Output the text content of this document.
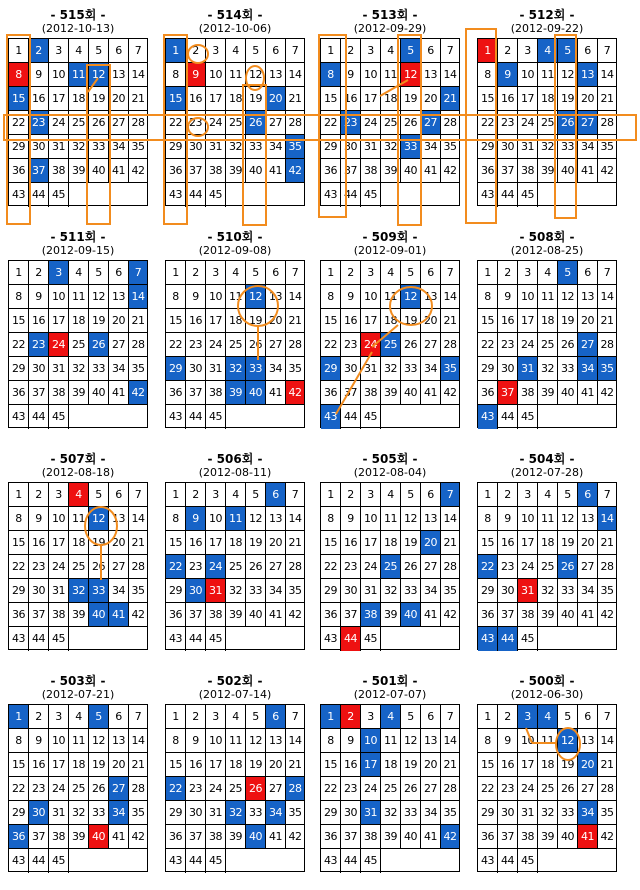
- 515회 -
(2012-10-13)
1	2	3	4	5	6	7
8	9 10 11 12 13 14
15 16 17 18 19 20 21
22 23 24 25 26 27 28
29 30 31 32 33 34 35
36 37 38 39 40 41 42
43 44 45
- 514회 -
(2012-10-06)
1	2	3	4	5	6	7
8	9 10 11 12 13 14
15 16 17 18 19 20 21
22 23 24 25 26 27 28
29 30 31 32 33 34 35
36 37 38 39 40 41 42
43 44 45
- 513회 -
(2012-09-29)
1	2	3	4	5	6	7
8	9 10 11 12 13 14
15 16 17 18 19 20 21
22 23 24 25 26 27 28
29 30 31 32 33 34 35
36 37 38 39 40 41 42
43 44 45
- 512회 -
(2012-09-22)
1	2	3	4	5	6	7
8	9 10 11 12 13 14
15 16 17 18 19 20 21
22 23 24 25 26 27 28
29 30 31 32 33 34 35
36 37 38 39 40 41 42
43 44 45
- 511회 -
(2012-09-15)
1	2	3	4	5	6	7
8	9 10 11 12 13 14
15 16 17 18 19 20 21
22 23 24 25 26 27 28
29 30 31 32 33 34 35
36 37 38 39 40 41 42
43 44 45
- 510회 -
(2012-09-08)
1	2	3	4	5	6	7
8	9 10 11 12 13 14
15 16 17 18 19 20 21
22 23 24 25 26 27 28
29 30 31 32 33 34 35
36 37 38 39 40 41 42
43 44 45
- 509회 -
(2012-09-01)
1	2	3	4	5	6	7
8	9 10 11 12 13 14
15 16 17 18 19 20 21
22 23 24 25 26 27 28
29 30 31 32 33 34 35
36 37 38 39 40 41 42
43 44 45
- 508회 -
(2012-08-25)
1	2	3	4	5	6	7
8	9 10 11 12 13 14
15 16 17 18 19 20 21
22 23 24 25 26 27 28
29 30 31 32 33 34 35
36 37 38 39 40 41 42
43 44 45
- 507회 -
(2012-08-18)
1	2	3	4	5	6	7
8	9 10 11 12 13 14
15 16 17 18 19 20 21
22 23 24 25 26 27 28
29 30 31 32 33 34 35
36 37 38 39 40 41 42
43 44 45
- 506회 -
(2012-08-11)
1	2	3	4	5	6	7
8	9 10 11 12 13 14
15 16 17 18 19 20 21
22 23 24 25 26 27 28
29 30 31 32 33 34 35
36 37 38 39 40 41 42
43 44 45
- 505회 -
(2012-08-04)
1	2	3	4	5	6	7
8	9 10 11 12 13 14
15 16 17 18 19 20 21
22 23 24 25 26 27 28
29 30 31 32 33 34 35
36 37 38 39 40 41 42
43 44 45
- 504회 -
(2012-07-28)
1	2	3	4	5	6	7
8	9 10 11 12 13 14
15 16 17 18 19 20 21
22 23 24 25 26 27 28
29 30 31 32 33 34 35
36 37 38 39 40 41 42
43 44 45
- 503회 -
(2012-07-21)
1	2	3	4	5	6	7
8	9 10 11 12 13 14
15 16 17 18 19 20 21
22 23 24 25 26 27 28
29 30 31 32 33 34 35
36 37 38 39 40 41 42
43 44 45
- 502회 -
(2012-07-14)
1	2	3	4	5	6	7
8	9 10 11 12 13 14
15 16 17 18 19 20 21
22 23 24 25 26 27 28
29 30 31 32 33 34 35
36 37 38 39 40 41 42
43 44 45
- 501회 -
(2012-07-07)
1	2	3	4	5	6	7
8	9 10 11 12 13 14
15 16 17 18 19 20 21
22 23 24 25 26 27 28
29 30 31 32 33 34 35
36 37 38 39 40 41 42
43 44 45
- 500회 -
(2012-06-30)
1	2	3	4	5	6	7
8	9 10 11 12 13 14
15 16 17 18 19 20 21
22 23 24 25 26 27 28
29 30 31 32 33 34 35
36 37 38 39 40 41 42
43 44 45
